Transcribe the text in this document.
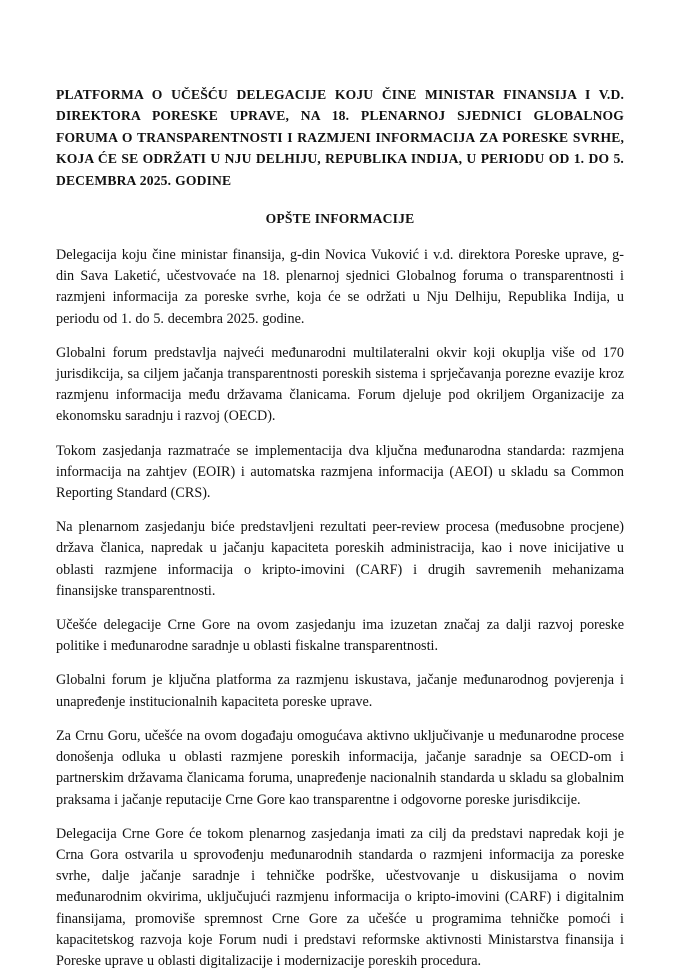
PLATFORMA O UČEŠĆU DELEGACIJE KOJU ČINE MINISTAR FINANSIJA I V.D. DIREKTORA PORESKE UPRAVE, NA 18. PLENARNOJ SJEDNICI GLOBALNOG FORUMA O TRANSPARENTNOSTI I RAZMJENI INFORMACIJA ZA PORESKE SVRHE, KOJA ĆE SE ODRŽATI U NJU DELHIJU, REPUBLIKA INDIJA, U PERIODU OD 1. DO 5. DECEMBRA 2025. GODINE
OPŠTE INFORMACIJE

Delegacija koju čine ministar finansija, g-din Novica Vuković i v.d. direktora Poreske uprave, g-din Sava Laketić, učestvovaće na 18. plenarnoj sjednici Globalnog foruma o transparentnosti i razmjeni informacija za poreske svrhe, koja će se održati u Nju Delhiju, Republika Indija, u periodu od 1. do 5. decembra 2025. godine.

Globalni forum predstavlja najveći međunarodni multilateralni okvir koji okuplja više od 170 jurisdikcija, sa ciljem jačanja transparentnosti poreskih sistema i sprječavanja porezne evazije kroz razmjenu informacija među državama članicama. Forum djeluje pod okriljem Organizacije za ekonomsku saradnju i razvoj (OECD).

Tokom zasjedanja razmatraće se implementacija dva ključna međunarodna standarda: razmjena informacija na zahtjev (EOIR) i automatska razmjena informacija (AEOI) u skladu sa Common Reporting Standard (CRS).

Na plenarnom zasjedanju biće predstavljeni rezultati peer-review procesa (međusobne procjene) država članica, napredak u jačanju kapaciteta poreskih administracija, kao i nove inicijative u oblasti razmjene informacija o kripto-imovini (CARF) i drugih savremenih mehanizama finansijske transparentnosti.

Učešće delegacije Crne Gore na ovom zasjedanju ima izuzetan značaj za dalji razvoj poreske politike i međunarodne saradnje u oblasti fiskalne transparentnosti.

Globalni forum je ključna platforma za razmjenu iskustava, jačanje međunarodnog povjerenja i unapređenje institucionalnih kapaciteta poreske uprave.

Za Crnu Goru, učešće na ovom događaju omogućava aktivno uključivanje u međunarodne procese donošenja odluka u oblasti razmjene poreskih informacija, jačanje saradnje sa OECD-om i partnerskim državama članicama foruma, unapređenje nacionalnih standarda u skladu sa globalnim praksama i jačanje reputacije Crne Gore kao transparentne i odgovorne poreske jurisdikcije.

Delegacija Crne Gore će tokom plenarnog zasjedanja imati za cilj da predstavi napredak koji je Crna Gora ostvarila u sprovođenju međunarodnih standarda o razmjeni informacija za poreske svrhe, dalje jačanje saradnje i tehničke podrške, učestvovanje u diskusijama o novim međunarodnim okvirima, uključujući razmjenu informacija o kripto-imovini (CARF) i digitalnim finansijama, promoviše spremnost Crne Gore za učešće u programima tehničke pomoći i kapacitetskog razvoja koje Forum nudi i predstavi reformske aktivnosti Ministarstva finansija i Poreske uprave u oblasti digitalizacije i modernizacije poreskih procedura.
